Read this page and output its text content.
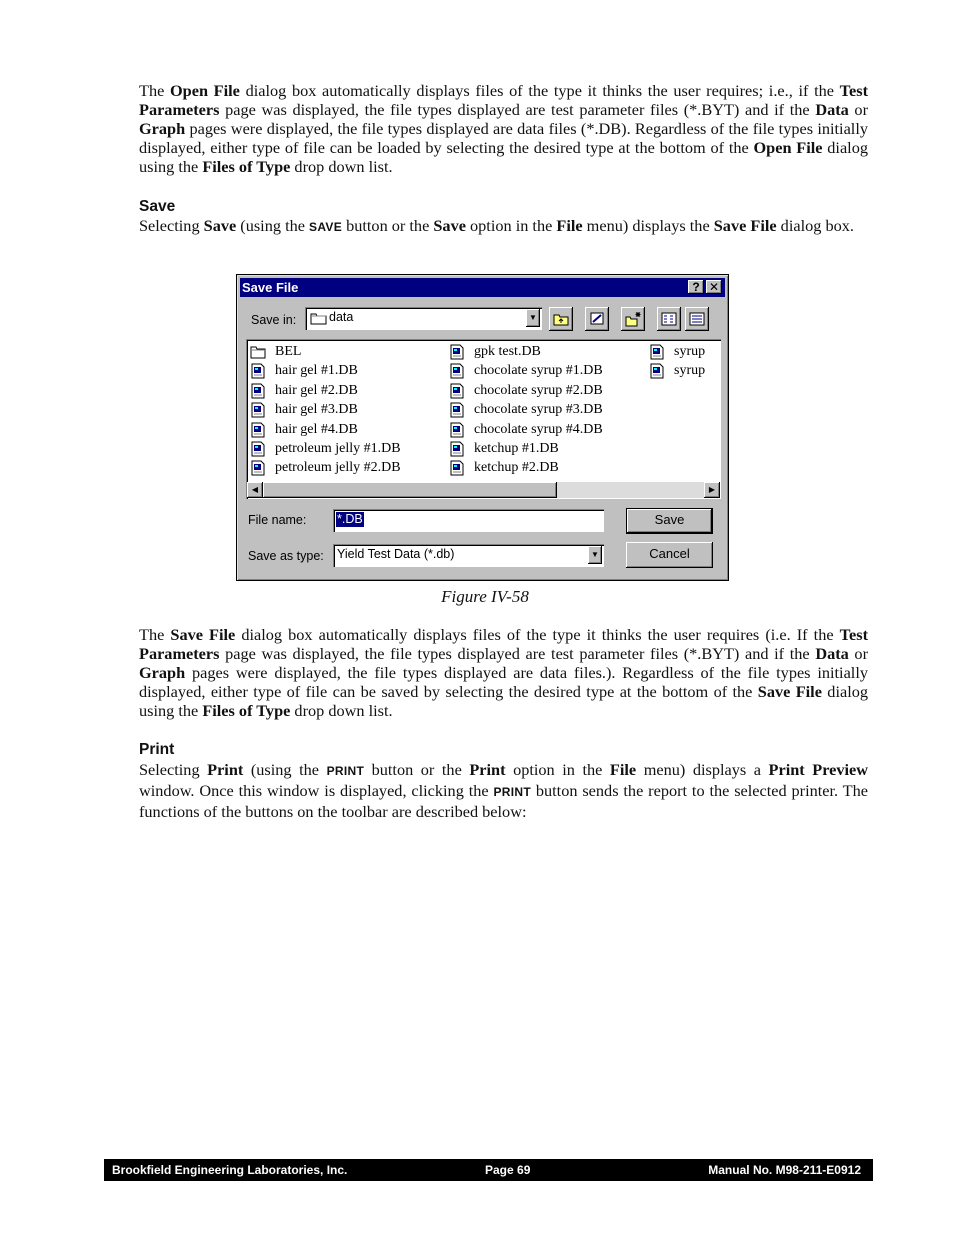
The Open File dialog box automatically displays files of the type it thinks the user requires; i.e., if the Test Parameters page was displayed, the file types displayed are test parameter files (*.BYT) and if the Data or Graph pages were displayed, the file types displayed are data files (*.DB). Regardless of the file types initially displayed, either type of file can be loaded by selecting the desired type at the bottom of the Open File dialog using the Files of Type drop down list.
Save
Selecting Save (using the SAVE button or the Save option in the File menu) displays the Save File dialog box.
Save File	? ✕
Save in:	data	▼
BEL
hair gel #1.DB
hair gel #2.DB
hair gel #3.DB
hair gel #4.DB
petroleum jelly #1.DB
petroleum jelly #2.DB
gpk test.DB
chocolate syrup #1.DB
chocolate syrup #2.DB
chocolate syrup #3.DB
chocolate syrup #4.DB
ketchup #1.DB
ketchup #2.DB
syrup
syrup
◀	▶
File name: *.DB
Save as type: Yield Test Data (*.db)	▼
Save
Cancel
Figure IV-58
The Save File dialog box automatically displays files of the type it thinks the user requires (i.e. If the Test Parameters page was displayed, the file types displayed are test parameter files (*.BYT) and if the Data or Graph pages were displayed, the file types displayed are data files.). Regardless of the file types initially displayed, either type of file can be saved by selecting the desired type at the bottom of the Save File dialog using the Files of Type drop down list.
Print
Selecting Print (using the PRINT button or the Print option in the File menu) displays a Print Preview window. Once this window is displayed, clicking the PRINT button sends the report to the selected printer. The functions of the buttons on the toolbar are described below:
Brookfield Engineering Laboratories, Inc.	Page 69	Manual No. M98-211-E0912
